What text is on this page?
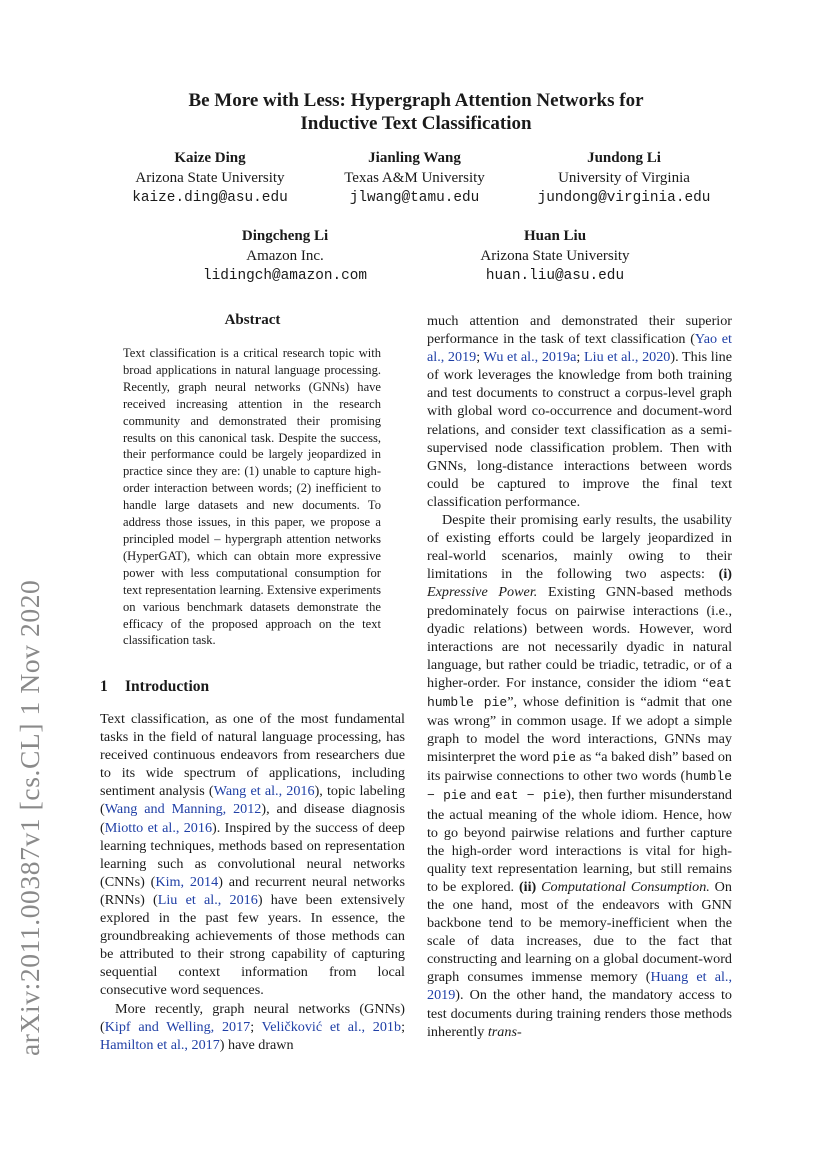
arXiv:2011.00387v1 [cs.CL] 1 Nov 2020
Be More with Less: Hypergraph Attention Networks for
Inductive Text Classification
Kaize Ding
Arizona State University
kaize.ding@asu.edu
Jianling Wang
Texas A&M University
jlwang@tamu.edu
Jundong Li
University of Virginia
jundong@virginia.edu
Dingcheng Li
Amazon Inc.
lidingch@amazon.com
Huan Liu
Arizona State University
huan.liu@asu.edu
Abstract
Text classification is a critical research topic with broad applications in natural language processing. Recently, graph neural networks (GNNs) have received increasing attention in the research community and demonstrated their promising results on this canonical task. Despite the success, their performance could be largely jeopardized in practice since they are: (1) unable to capture high-order interaction between words; (2) inefficient to handle large datasets and new documents. To address those issues, in this paper, we propose a principled model – hypergraph attention networks (HyperGAT), which can obtain more expressive power with less computational consumption for text representation learning. Extensive experiments on various benchmark datasets demonstrate the efficacy of the proposed approach on the text classification task.
1 Introduction

Text classification, as one of the most fundamental tasks in the field of natural language processing, has received continuous endeavors from researchers due to its wide spectrum of applications, including sentiment analysis (Wang et al., 2016), topic labeling (Wang and Manning, 2012), and disease diagnosis (Miotto et al., 2016). Inspired by the success of deep learning techniques, methods based on representation learning such as convolutional neural networks (CNNs) (Kim, 2014) and recurrent neural networks (RNNs) (Liu et al., 2016) have been extensively explored in the past few years. In essence, the groundbreaking achievements of those methods can be attributed to their strong capability of capturing sequential context information from local consecutive word sequences.

More recently, graph neural networks (GNNs) (Kipf and Welling, 2017; Veličković et al., 201b; Hamilton et al., 2017) have drawn

much attention and demonstrated their superior performance in the task of text classification (Yao et al., 2019; Wu et al., 2019a; Liu et al., 2020). This line of work leverages the knowledge from both training and test documents to construct a corpus-level graph with global word co-occurrence and document-word relations, and consider text classification as a semi-supervised node classification problem. Then with GNNs, long-distance interactions between words could be captured to improve the final text classification performance.

Despite their promising early results, the usability of existing efforts could be largely jeopardized in real-world scenarios, mainly owing to their limitations in the following two aspects: (i) Expressive Power. Existing GNN-based methods predominately focus on pairwise interactions (i.e., dyadic relations) between words. However, word interactions are not necessarily dyadic in natural language, but rather could be triadic, tetradic, or of a higher-order. For instance, consider the idiom “eat humble pie”, whose definition is “admit that one was wrong” in common usage. If we adopt a simple graph to model the word interactions, GNNs may misinterpret the word pie as “a baked dish” based on its pairwise connections to other two words (humble − pie and eat − pie), then further misunderstand the actual meaning of the whole idiom. Hence, how to go beyond pairwise relations and further capture the high-order word interactions is vital for high-quality text representation learning, but still remains to be explored. (ii) Computational Consumption. On the one hand, most of the endeavors with GNN backbone tend to be memory-inefficient when the scale of data increases, due to the fact that constructing and learning on a global document-word graph consumes immense memory (Huang et al., 2019). On the other hand, the mandatory access to test documents during training renders those methods inherently trans-
